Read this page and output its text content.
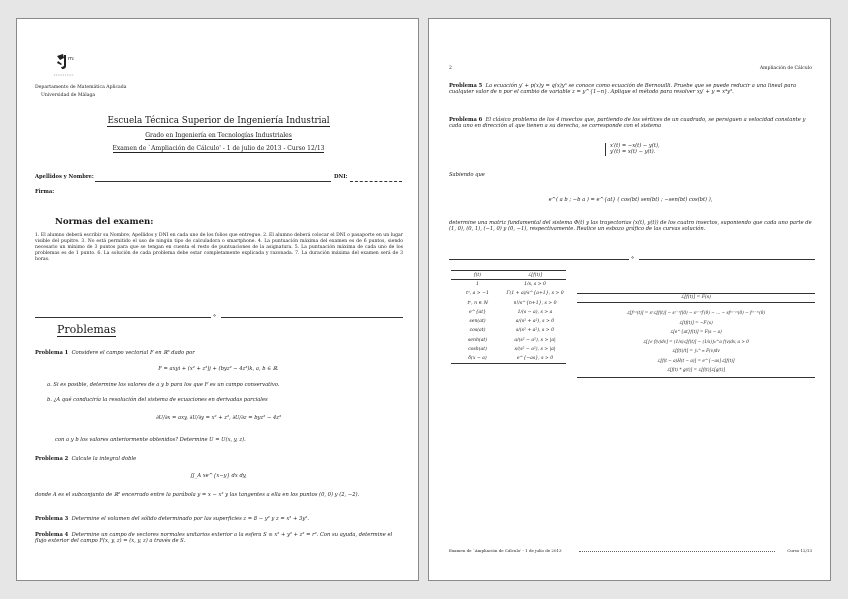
m:
Departamento de Matemática Aplicada
Universidad de Málaga
Escuela Técnica Superior de Ingeniería Industrial
Grado en Ingeniería en Tecnologías Industriales
Examen de `Ampliación de Cálculo' - 1 de julio de 2013 - Curso 12/13
Apellidos y Nombre:	DNI:
Firma:
Normas del examen:
1. El alumno deberá escribir su Nombre, Apellidos y DNI en cada uno de los folios que entregue. 2. El alumno deberá colocar el DNI o pasaporte en un lugar visible del pupitre. 3. No está permitido el uso de ningún tipo de calculadora o smartphone. 4. La puntuación máxima del examen es de 6 puntos, siendo necesario un mínimo de 3 puntos para que se tengan en cuenta el resto de puntuaciones de la asignatura. 5. La puntuación máxima de cada uno de los problemas es de 1 punto. 6. La solución de cada problema debe estar completamente explicada y razonada. 7. La duración máxima del examen será de 3 horas.
⋄
Problemas
Problema 1 Considere el campo vectorial F en ℝ³ dado por
F = axyi + (x² + z²)j + (byz² − 4z³)k, a, b ∈ ℝ.
a. Si es posible, determine los valores de a y b para los que F es un campo conservativo.
b. ¿A qué conduciría la resolución del sistema de ecuaciones en derivadas parciales
∂U/∂x = axy, ∂U/∂y = x² + z², ∂U/∂z = byz² − 4z³
con a y b los valores anteriormente obtenidos? Determine U = U(x, y, z).
Problema 2 Calcule la integral doble
∬_A xe^{x−y} dx dy,
donde A es el subconjunto de ℝ² encerrado entre la parábola y = x − x² y las tangentes a ella en los puntos (0, 0) y (2, −2).
Problema 3 Determine el volumen del sólido determinado por las superficies z = 8 − y² y z = x² + 3y².
Problema 4 Determine un campo de vectores normales unitarios exterior a la esfera S ≡ x² + y² + z² = r². Con su ayuda, determine el flujo exterior del campo F(x, y, z) = (x, y, z) a través de S.
2	Ampliación de Cálculo
Problema 5 La ecuación y′ + p(x)y = q(x)yⁿ se conoce como ecuación de Bernouilli. Pruebe que se puede reducir a una lineal para cualquier valor de n por el cambio de variable z = y^{1−n}. Aplique el método para resolver xy′ + y = x⁴y³.
Problema 6 El clásico problema de los 4 insectos que, partiendo de los vértices de un cuadrado, se persiguen a velocidad constante y cada uno en dirección al que tienen a su derecha, se corresponde con el sistema
x′(t) = −x(t) − y(t),
y′(t) = x(t) − y(t).
Sabiendo que
e^( a b ; −b a ) = e^{at} ( cos(bt) sen(bt) ; −sen(bt) cos(bt) ),
determine una matriz fundamental del sistema Φ(t) y las trayectorias (x(t), y(t)) de los cuatro insectos, suponiendo que cada uno parte de (1, 0), (0, 1), (−1, 0) y (0, −1), respectivamente. Realice un esbozo gráfico de las curvas solución.
⋄
f(t)	ℒ[f(t)]
1	1/s, s > 0
tᵃ, a > −1	Γ(1 + a)/s^{a+1}, s > 0
tⁿ, n ∈ ℕ	n!/s^{n+1}, s > 0
e^{at}	1/(s − a), s > a
sen(at)	a/(s² + a²), s > 0
cos(at)	s/(s² + a²), s > 0
senh(at)	a/(s² − a²), s > |a|
cosh(at)	s/(s² − a²), s > |a|
δ(x − a)	e^{−as}, s > 0
ℒ[f(t)] = F(s)
ℒ[f⁽ⁿ⁾(t)] = sⁿℒ[f(t)] − sⁿ⁻¹f(0) − sⁿ⁻²f′(0) − … − sf⁽ⁿ⁻²⁾(0) − f⁽ⁿ⁻¹⁾(0)
ℒ[tf(t)] = −F′(s)
ℒ[e^{at}f(t)] = F(s − a)
ℒ[∫₀ᵗ f(v)dv] = (1/s)ℒ[f(t)] − (1/s)∫₀^a f(v)dv, a > 0
ℒ[f(t)/t] = ∫ₛ^∞ F(v)dv
ℒ[f(t − a)H(t − a)] = e^{−as}ℒ[f(t)]
ℒ[f(t) * g(t)] = ℒ[f(t)]ℒ[g(t)]
Examen de `Ampliación de Cálculo' - 1 de julio de 2013	Curso 12/13
